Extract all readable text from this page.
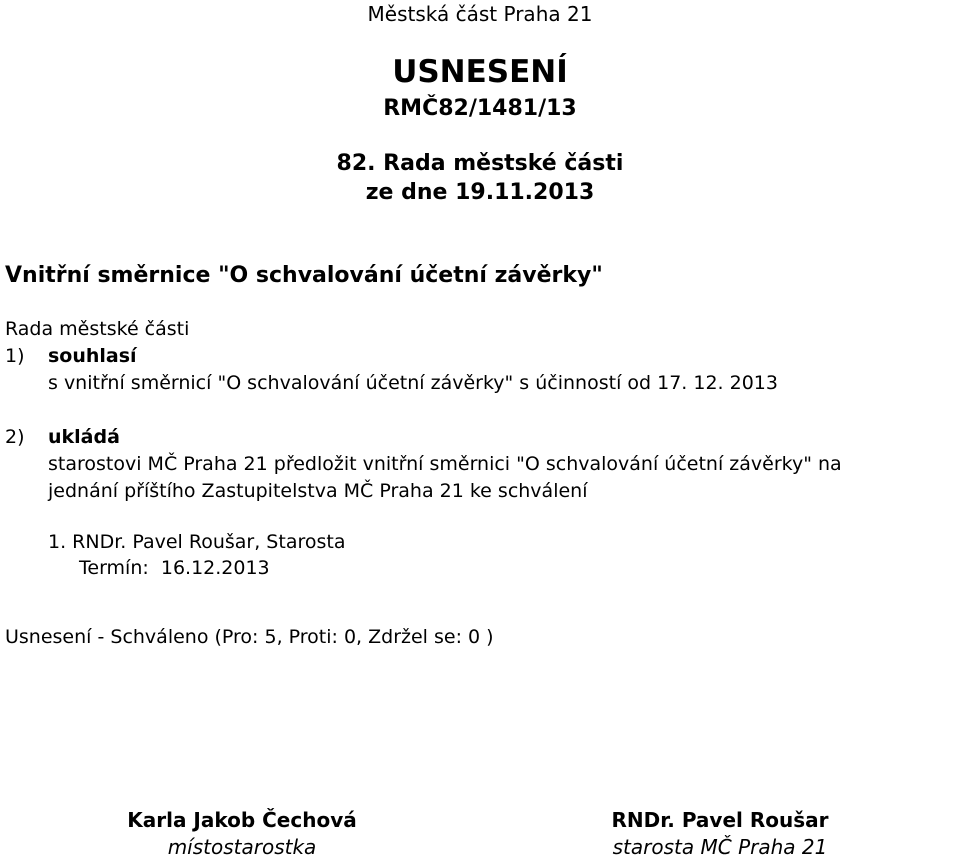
Městská část Praha 21
USNESENÍ
RMČ82/1481/13
82. Rada městské části
ze dne 19.11.2013
Vnitřní směrnice "O schvalování účetní závěrky"
Rada městské části
1) souhlasí
s vnitřní směrnicí "O schvalování účetní závěrky" s účinností od 17. 12. 2013
2) ukládá
starostovi MČ Praha 21 předložit vnitřní směrnici "O schvalování účetní závěrky" na
jednání příštího Zastupitelstva MČ Praha 21 ke schválení
1. RNDr. Pavel Roušar, Starosta
Termín:  16.12.2013
Usnesení - Schváleno (Pro: 5, Proti: 0, Zdržel se: 0 )
Karla Jakob Čechová
místostarostka
RNDr. Pavel Roušar
starosta MČ Praha 21
